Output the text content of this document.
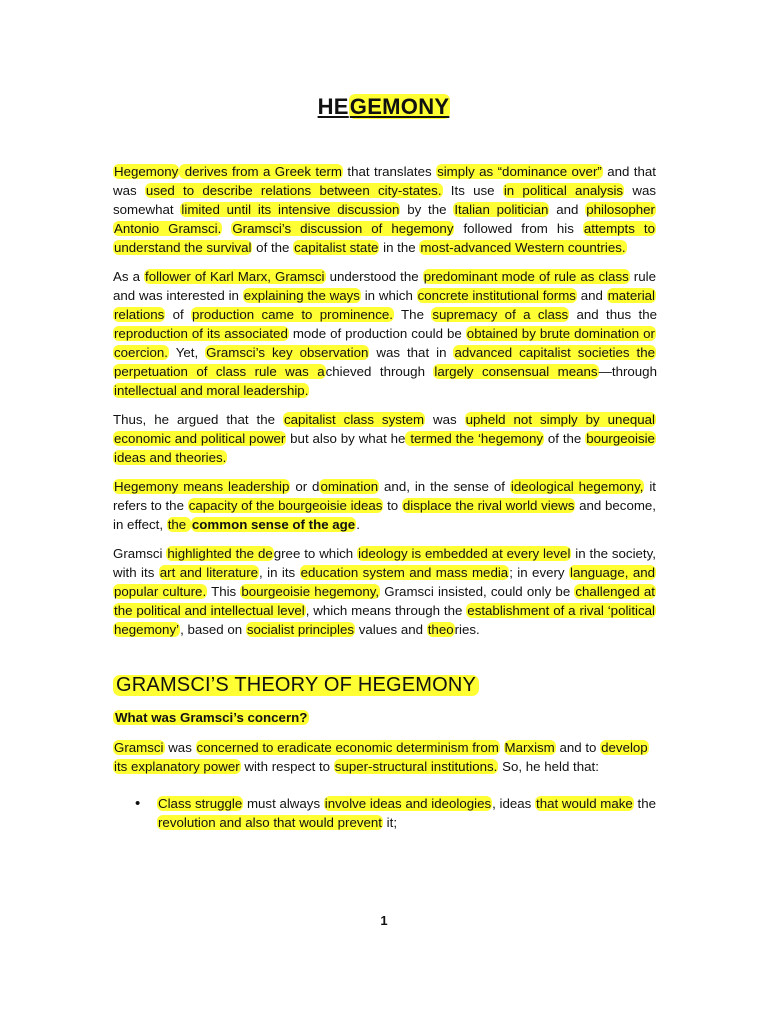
HEGEMONY

Hegemony derives from a Greek term that translates simply as “dominance over” and that was used to describe relations between city-states. Its use in political analysis was somewhat limited until its intensive discussion by the Italian politician and philosopher Antonio Gramsci. Gramsci’s discussion of hegemony followed from his attempts to understand the survival of the capitalist state in the most-advanced Western countries.

As a follower of Karl Marx, Gramsci understood the predominant mode of rule as class rule and was interested in explaining the ways in which concrete institutional forms and material relations of production came to prominence. The supremacy of a class and thus the reproduction of its associated mode of production could be obtained by brute domination or coercion. Yet, Gramsci’s key observation was that in advanced capitalist societies the perpetuation of class rule was achieved through largely consensual means—through intellectual and moral leadership.

Thus, he argued that the capitalist class system was upheld not simply by unequal economic and political power but also by what he termed the ‘hegemony of the bourgeoisie ideas and theories.

Hegemony means leadership or domination and, in the sense of ideological hegemony, it refers to the capacity of the bourgeoisie ideas to displace the rival world views and become, in effect, the common sense of the age.

Gramsci highlighted the degree to which ideology is embedded at every level in the society, with its art and literature, in its education system and mass media; in every language, and popular culture. This bourgeoisie hegemony, Gramsci insisted, could only be challenged at the political and intellectual level, which means through the establishment of a rival ‘political hegemony’, based on socialist principles values and theories.

GRAMSCI’S THEORY OF HEGEMONY
What was Gramsci’s concern?

Gramsci was concerned to eradicate economic determinism from Marxism and to develop its explanatory power with respect to super-structural institutions. So, he held that:

• Class struggle must always involve ideas and ideologies, ideas that would make the revolution and also that would prevent it;
1
